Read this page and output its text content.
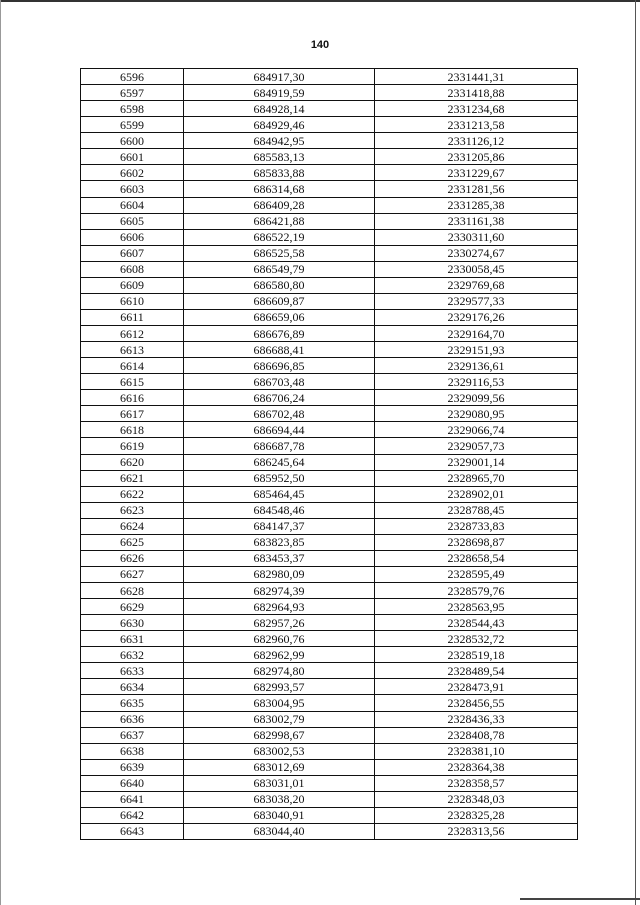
140
6596	684917,30	2331441,31
6597	684919,59	2331418,88
6598	684928,14	2331234,68
6599	684929,46	2331213,58
6600	684942,95	2331126,12
6601	685583,13	2331205,86
6602	685833,88	2331229,67
6603	686314,68	2331281,56
6604	686409,28	2331285,38
6605	686421,88	2331161,38
6606	686522,19	2330311,60
6607	686525,58	2330274,67
6608	686549,79	2330058,45
6609	686580,80	2329769,68
6610	686609,87	2329577,33
6611	686659,06	2329176,26
6612	686676,89	2329164,70
6613	686688,41	2329151,93
6614	686696,85	2329136,61
6615	686703,48	2329116,53
6616	686706,24	2329099,56
6617	686702,48	2329080,95
6618	686694,44	2329066,74
6619	686687,78	2329057,73
6620	686245,64	2329001,14
6621	685952,50	2328965,70
6622	685464,45	2328902,01
6623	684548,46	2328788,45
6624	684147,37	2328733,83
6625	683823,85	2328698,87
6626	683453,37	2328658,54
6627	682980,09	2328595,49
6628	682974,39	2328579,76
6629	682964,93	2328563,95
6630	682957,26	2328544,43
6631	682960,76	2328532,72
6632	682962,99	2328519,18
6633	682974,80	2328489,54
6634	682993,57	2328473,91
6635	683004,95	2328456,55
6636	683002,79	2328436,33
6637	682998,67	2328408,78
6638	683002,53	2328381,10
6639	683012,69	2328364,38
6640	683031,01	2328358,57
6641	683038,20	2328348,03
6642	683040,91	2328325,28
6643	683044,40	2328313,56
